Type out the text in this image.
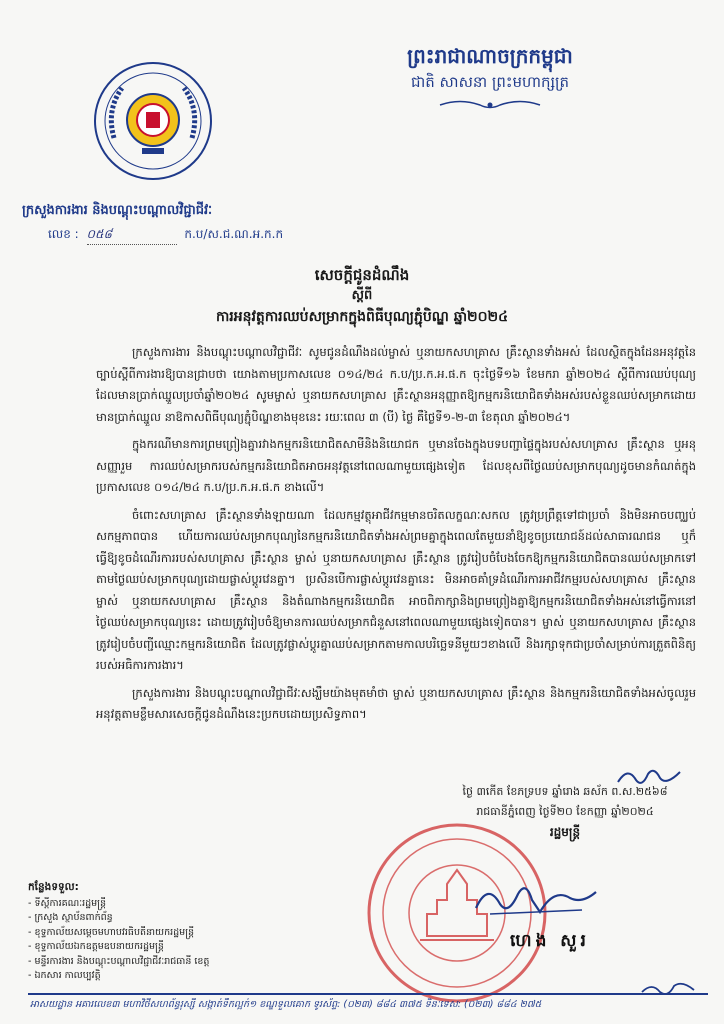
ព្រះរាជាណាចក្រកម្ពុជា
ជាតិ សាសនា ព្រះមហាក្សត្រ
ក្រសួងការងារ និងបណ្តុះបណ្តាលវិជ្ជាជីវៈ
លេខ : ០៥៨	ក.ប/ស.ជ.ណ.អ.ក.ក
សេចក្តីជូនដំណឹង
ស្តីពី
ការអនុវត្តការឈប់សម្រាកក្នុងពិធីបុណ្យភ្ជុំបិណ្ឌ ឆ្នាំ២០២៤

ក្រសួងការងារ និងបណ្តុះបណ្តាលវិជ្ជាជីវៈ សូមជូនដំណឹងដល់ម្ចាស់ ឬនាយកសហគ្រាស គ្រឹះស្ថានទាំងអស់ ដែលស្ថិតក្នុងដែនអនុវត្តនៃច្បាប់ស្តីពីការងារឱ្យបានជ្រាបថា យោងតាមប្រកាសលេខ ០១៤/២៤ ក.ប/ប្រ.ក.អ.ផ.ក ចុះថ្ងៃទី១៦ ខែមករា ឆ្នាំ២០២៤ ស្តីពីការឈប់បុណ្យដែលមានប្រាក់ឈ្នួលប្រចាំឆ្នាំ២០២៤ សូមម្ចាស់ ឬនាយកសហគ្រាស គ្រឹះស្ថានអនុញ្ញាតឱ្យកម្មករនិយោជិតទាំងអស់របស់ខ្លួនឈប់សម្រាកដោយមានប្រាក់ឈ្នួល នាឱកាសពិធីបុណ្យភ្ជុំបិណ្ឌខាងមុខនេះ រយៈពេល ៣ (បី) ថ្ងៃ គឺថ្ងៃទី១-២-៣ ខែតុលា ឆ្នាំ២០២៤។

ក្នុងករណីមានការព្រមព្រៀងគ្នារវាងកម្មករនិយោជិតសាមីនិងនិយោជក ឬមានចែងក្នុងបទបញ្ជាផ្ទៃក្នុងរបស់សហគ្រាស គ្រឹះស្ថាន ឬអនុសញ្ញារួម ការឈប់សម្រាករបស់កម្មករនិយោជិតអាចអនុវត្តនៅពេលណាមួយផ្សេងទៀត ដែលខុសពីថ្ងៃឈប់សម្រាកបុណ្យដូចមានកំណត់ក្នុងប្រកាសលេខ ០១៤/២៤ ក.ប/ប្រ.ក.អ.ផ.ក ខាងលើ។

ចំពោះសហគ្រាស គ្រឹះស្ថានទាំងឡាយណា ដែលកម្មវត្ថុអាជីវកម្មមានចរិតលក្ខណៈសកល ត្រូវប្រព្រឹត្តទៅជាប្រចាំ និងមិនអាចបញ្ឈប់សកម្មភាពបាន ហើយការឈប់សម្រាកបុណ្យនៃកម្មករនិយោជិតទាំងអស់ព្រមគ្នាក្នុងពេលតែមួយនាំឱ្យខូចប្រយោជន៍ដល់សាធារណជន ឬក៏ធ្វើឱ្យខូចដំណើរការរបស់សហគ្រាស គ្រឹះស្ថាន ម្ចាស់ ឬនាយកសហគ្រាស គ្រឹះស្ថាន ត្រូវរៀបចំបែងចែកឱ្យកម្មករនិយោជិតបានឈប់សម្រាកទៅតាមថ្ងៃឈប់សម្រាកបុណ្យដោយផ្លាស់ប្តូរវេនគ្នា។ ប្រសិនបើការផ្លាស់ប្តូរវេនគ្នានេះ មិនអាចគាំទ្រដំណើរការអាជីវកម្មរបស់សហគ្រាស គ្រឹះស្ថាន ម្ចាស់ ឬនាយកសហគ្រាស គ្រឹះស្ថាន និងតំណាងកម្មករនិយោជិត អាចពិភាក្សានិងព្រមព្រៀងគ្នាឱ្យកម្មករនិយោជិតទាំងអស់នៅធ្វើការនៅថ្ងៃឈប់សម្រាកបុណ្យនេះ ដោយត្រូវរៀបចំឱ្យមានការឈប់សម្រាកជំនួសនៅពេលណាមួយផ្សេងទៀតបាន។ ម្ចាស់ ឬនាយកសហគ្រាស គ្រឹះស្ថាន ត្រូវរៀបចំបញ្ជីឈ្មោះកម្មករនិយោជិត ដែលត្រូវផ្លាស់ប្តូរគ្នាឈប់សម្រាកតាមកាលបរិច្ឆេទនីមួយៗខាងលើ និងរក្សាទុកជាប្រចាំសម្រាប់ការត្រួតពិនិត្យរបស់អធិការការងារ។

ក្រសួងការងារ និងបណ្តុះបណ្តាលវិជ្ជាជីវៈសង្ឃឹមយ៉ាងមុតមាំថា ម្ចាស់ ឬនាយកសហគ្រាស គ្រឹះស្ថាន និងកម្មករនិយោជិតទាំងអស់ចូលរួមអនុវត្តតាមខ្លឹមសារសេចក្តីជូនដំណឹងនេះប្រកបដោយប្រសិទ្ធភាព។

ថ្ងៃ ៣កើត ខែភទ្របទ ឆ្នាំរោង ឆស័ក ព.ស.២៥៦៨
រាជធានីភ្នំពេញ ថ្ងៃទី២០ ខែកញ្ញា ឆ្នាំ២០២៤
រដ្ឋមន្ត្រី
ហេង សួរ
កន្លែងទទួល:
- ទីស្តីការគណៈរដ្ឋមន្ត្រី
- ក្រសួង ស្ថាប័នពាក់ព័ន្ធ
- ខុទ្ទកាល័យសម្តេចមហាបវរធិបតីនាយករដ្ឋមន្ត្រី
- ខុទ្ទកាល័យឯកឧត្តមឧបនាយករដ្ឋមន្ត្រី
- មន្ទីរការងារ និងបណ្តុះបណ្តាលវិជ្ជាជីវៈរាជធានី ខេត្ត
- ឯកសារ កាលប្បវត្តិ
អាសយដ្ឋាន អគារលេខ៣ មហាវិថីសហព័ន្ធរុស្សី សង្កាត់ទឹកល្អក់១ ខណ្ឌទួលគោក ទូរស័ព្ទ: (០២៣) ៨៨៤ ៣៧៥ ទិនៈទេស: (០២៣) ៨៨៤ ២៧៥
